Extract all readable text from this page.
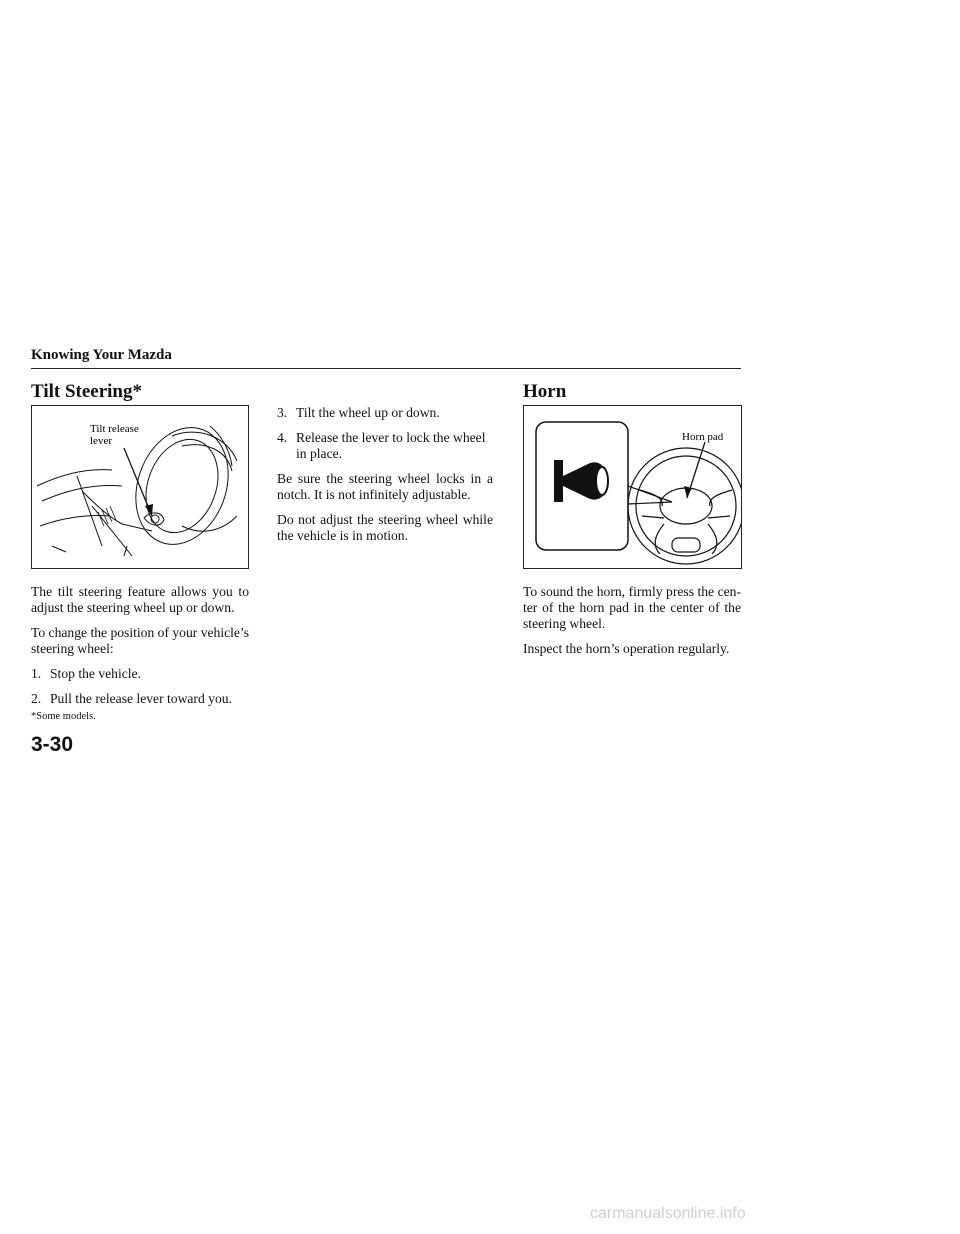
Knowing Your Mazda
Tilt Steering*	Horn
Tilt release
lever	Horn pad

The tilt steering feature allows you to adjust the steering wheel up or down.

To change the position of your vehicle’s steering wheel:

1. Stop the vehicle.
2. Pull the release lever toward you.
3. Tilt the wheel up or down.
4. Release the lever to lock the wheel in place.

Be sure the steering wheel locks in a notch. It is not infinitely adjustable.

Do not adjust the steering wheel while the vehicle is in motion.

To sound the horn, firmly press the cen-ter of the horn pad in the center of the steering wheel.

Inspect the horn’s operation regularly.

*Some models.
3-30
carmanualsonline.info
